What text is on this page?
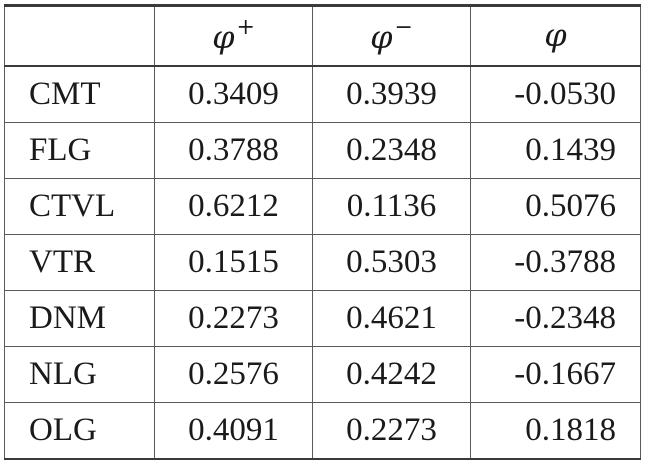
	φ+	φ−	φ
CMT	0.3409	0.3939	-0.0530
FLG	0.3788	0.2348	0.1439
CTVL	0.6212	0.1136	0.5076
VTR	0.1515	0.5303	-0.3788
DNM	0.2273	0.4621	-0.2348
NLG	0.2576	0.4242	-0.1667
OLG	0.4091	0.2273	0.1818
